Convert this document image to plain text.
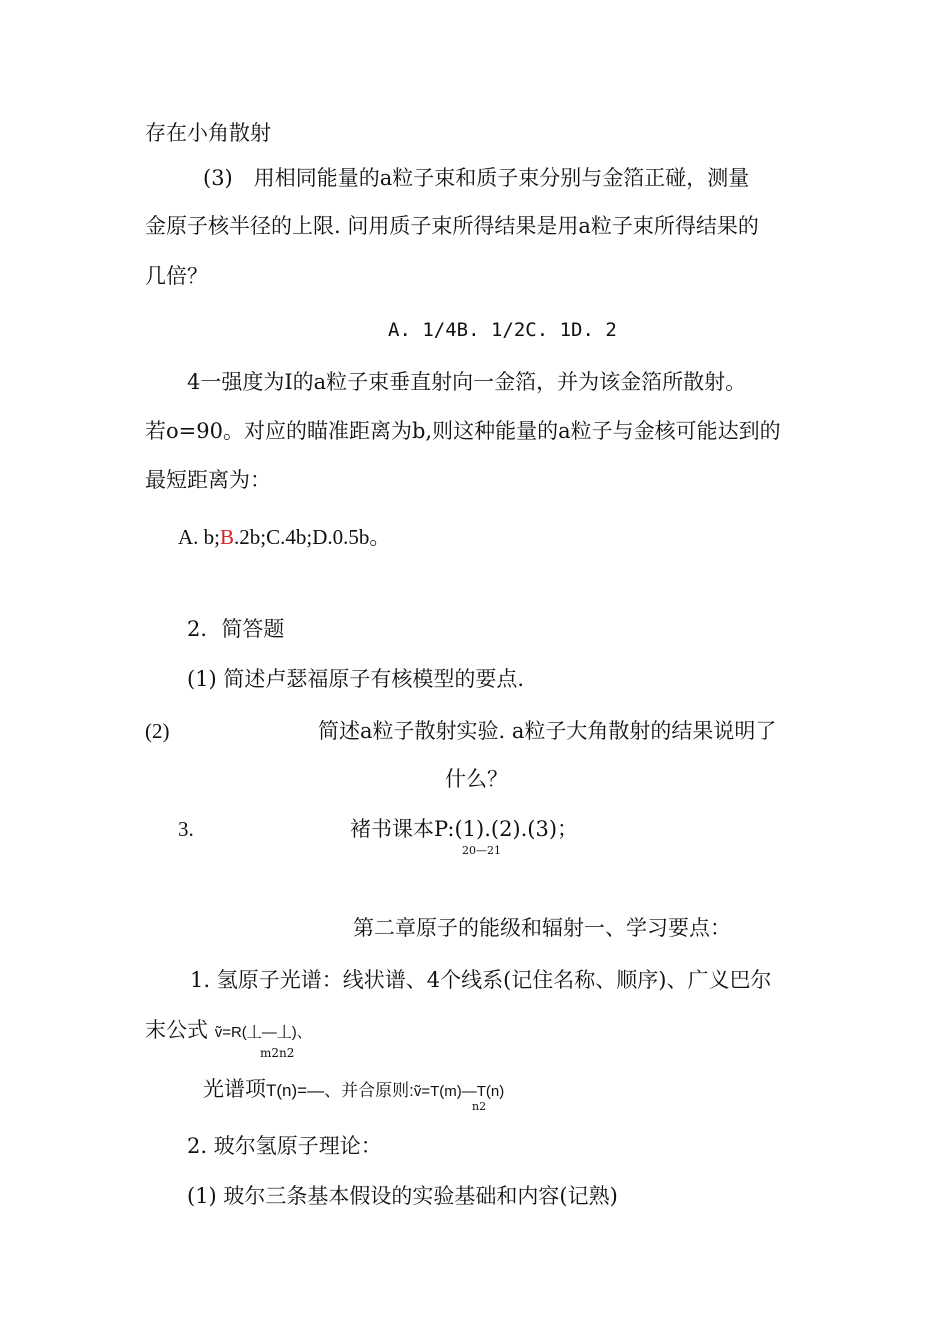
存在小角散射
(3)　用相同能量的a粒子束和质子束分别与金箔正碰，测量
金原子核半径的上限. 问用质子束所得结果是用a粒子束所得结果的
几倍？
A. 1/4B. 1/2C. 1D. 2
4一强度为I的a粒子束垂直射向一金箔，并为该金箔所散射。
若o=90。对应的瞄准距离为b,则这种能量的a粒子与金核可能达到的
最短距离为：
A. b;B.2b;C.4b;D.0.5b。
2．简答题
(1) 简述卢瑟福原子有核模型的要点.
(2)	简述a粒子散射实验. a粒子大角散射的结果说明了
什么？
3.	褚书课本P:(1).(2).(3)；
20—21
第二章原子的能级和辐射一、学习要点：
1. 氢原子光谱：线状谱、4个线系(记住名称、顺序)、广义巴尔
末公式 ṽ=R(丄—丄)、
m2n2
光谱项T(n)=—、并合原则:ṽ=T(m)—T(n)
n2
2. 玻尔氢原子理论：
(1) 玻尔三条基本假设的实验基础和内容(记熟)
